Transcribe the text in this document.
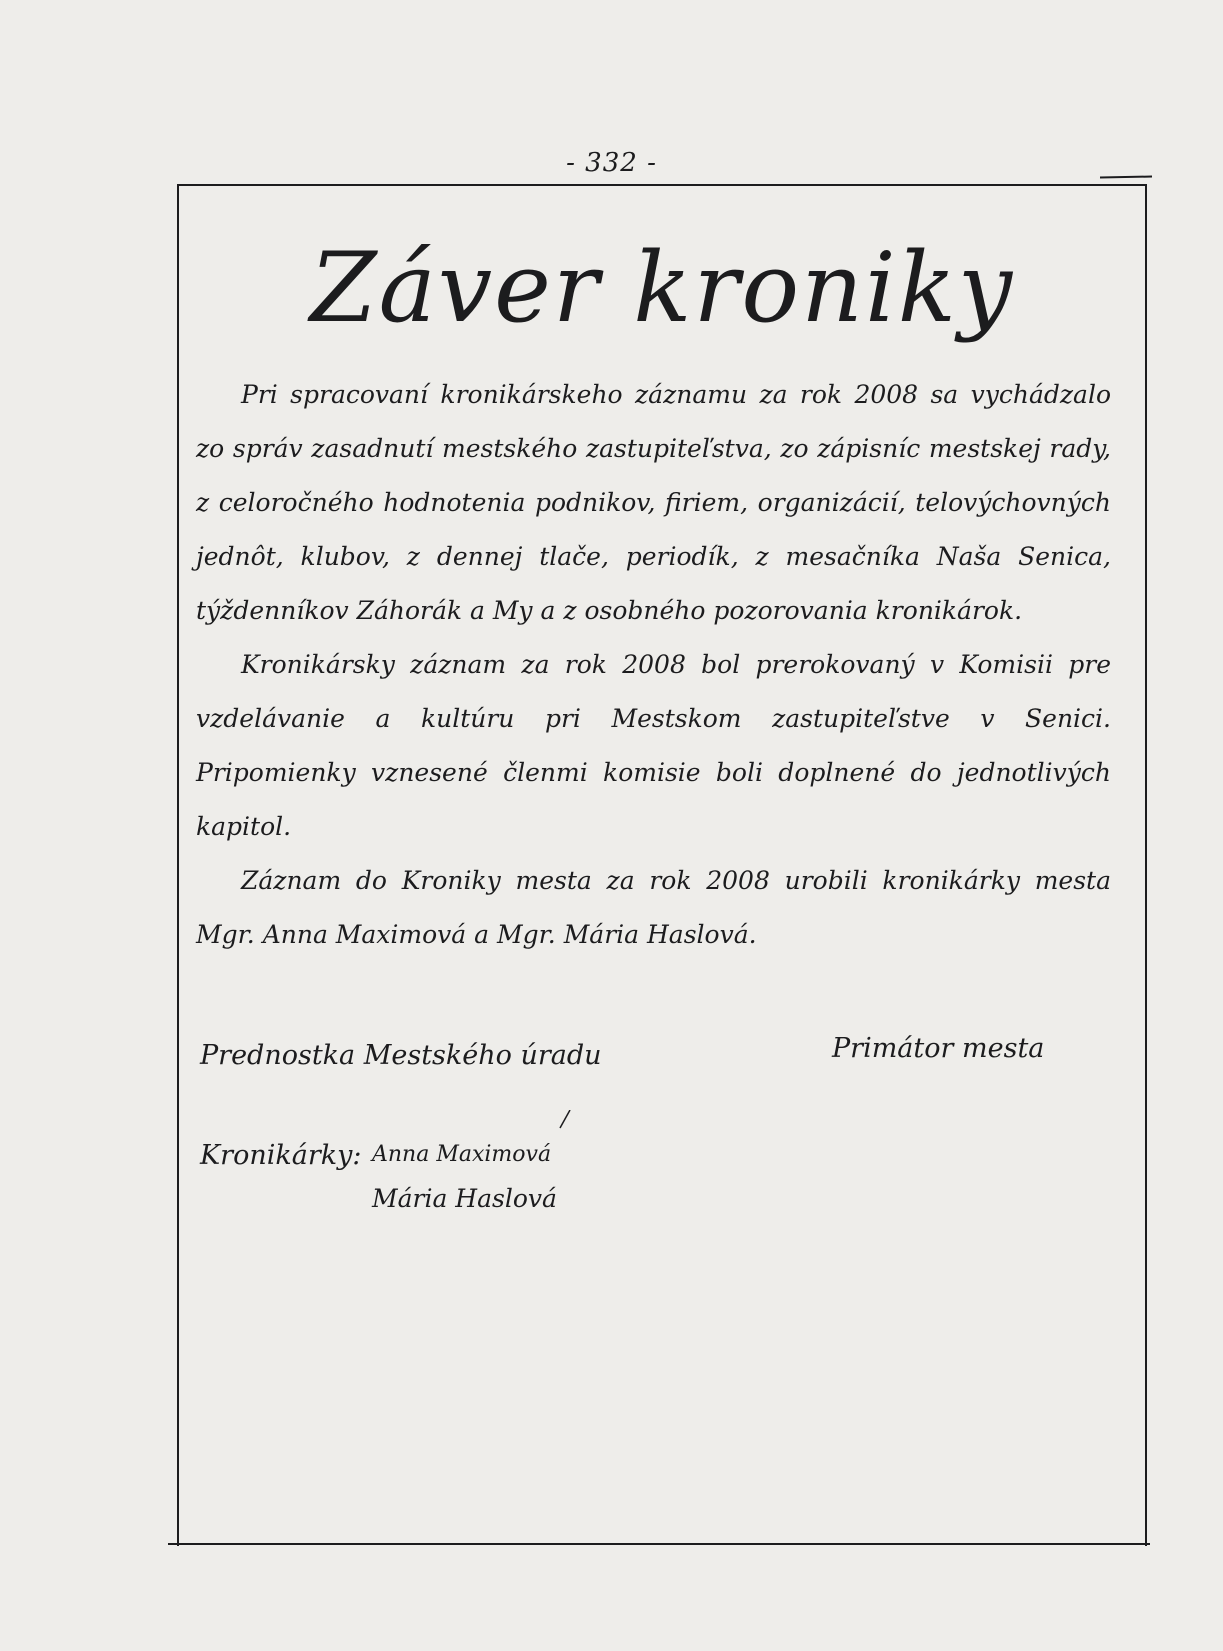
- 332 -
Záver kroniky

Pri spracovaní kronikárskeho záznamu za rok 2008 sa vychádzalo zo správ zasadnutí mestského zastupiteľstva, zo zápisníc mestskej rady, z celoročného hodnotenia podnikov, firiem, organizácií, telovýchovných jednôt, klubov, z dennej tlače, periodík, z mesačníka Naša Senica, týždenníkov Záhorák a My a z osobného pozorovania kronikárok.

Kronikársky záznam za rok 2008 bol prerokovaný v Komisii pre vzdelávanie a kultúru pri Mestskom zastupiteľstve v Senici. Pripomienky vznesené členmi komisie boli doplnené do jednotlivých kapitol.

Záznam do Kroniky mesta za rok 2008 urobili kronikárky mesta Mgr. Anna Maximová a Mgr. Mária Haslová.

Prednostka Mestského úradu	Primátor mesta
Kronikárky: Anna Maximová
Mária Haslová
